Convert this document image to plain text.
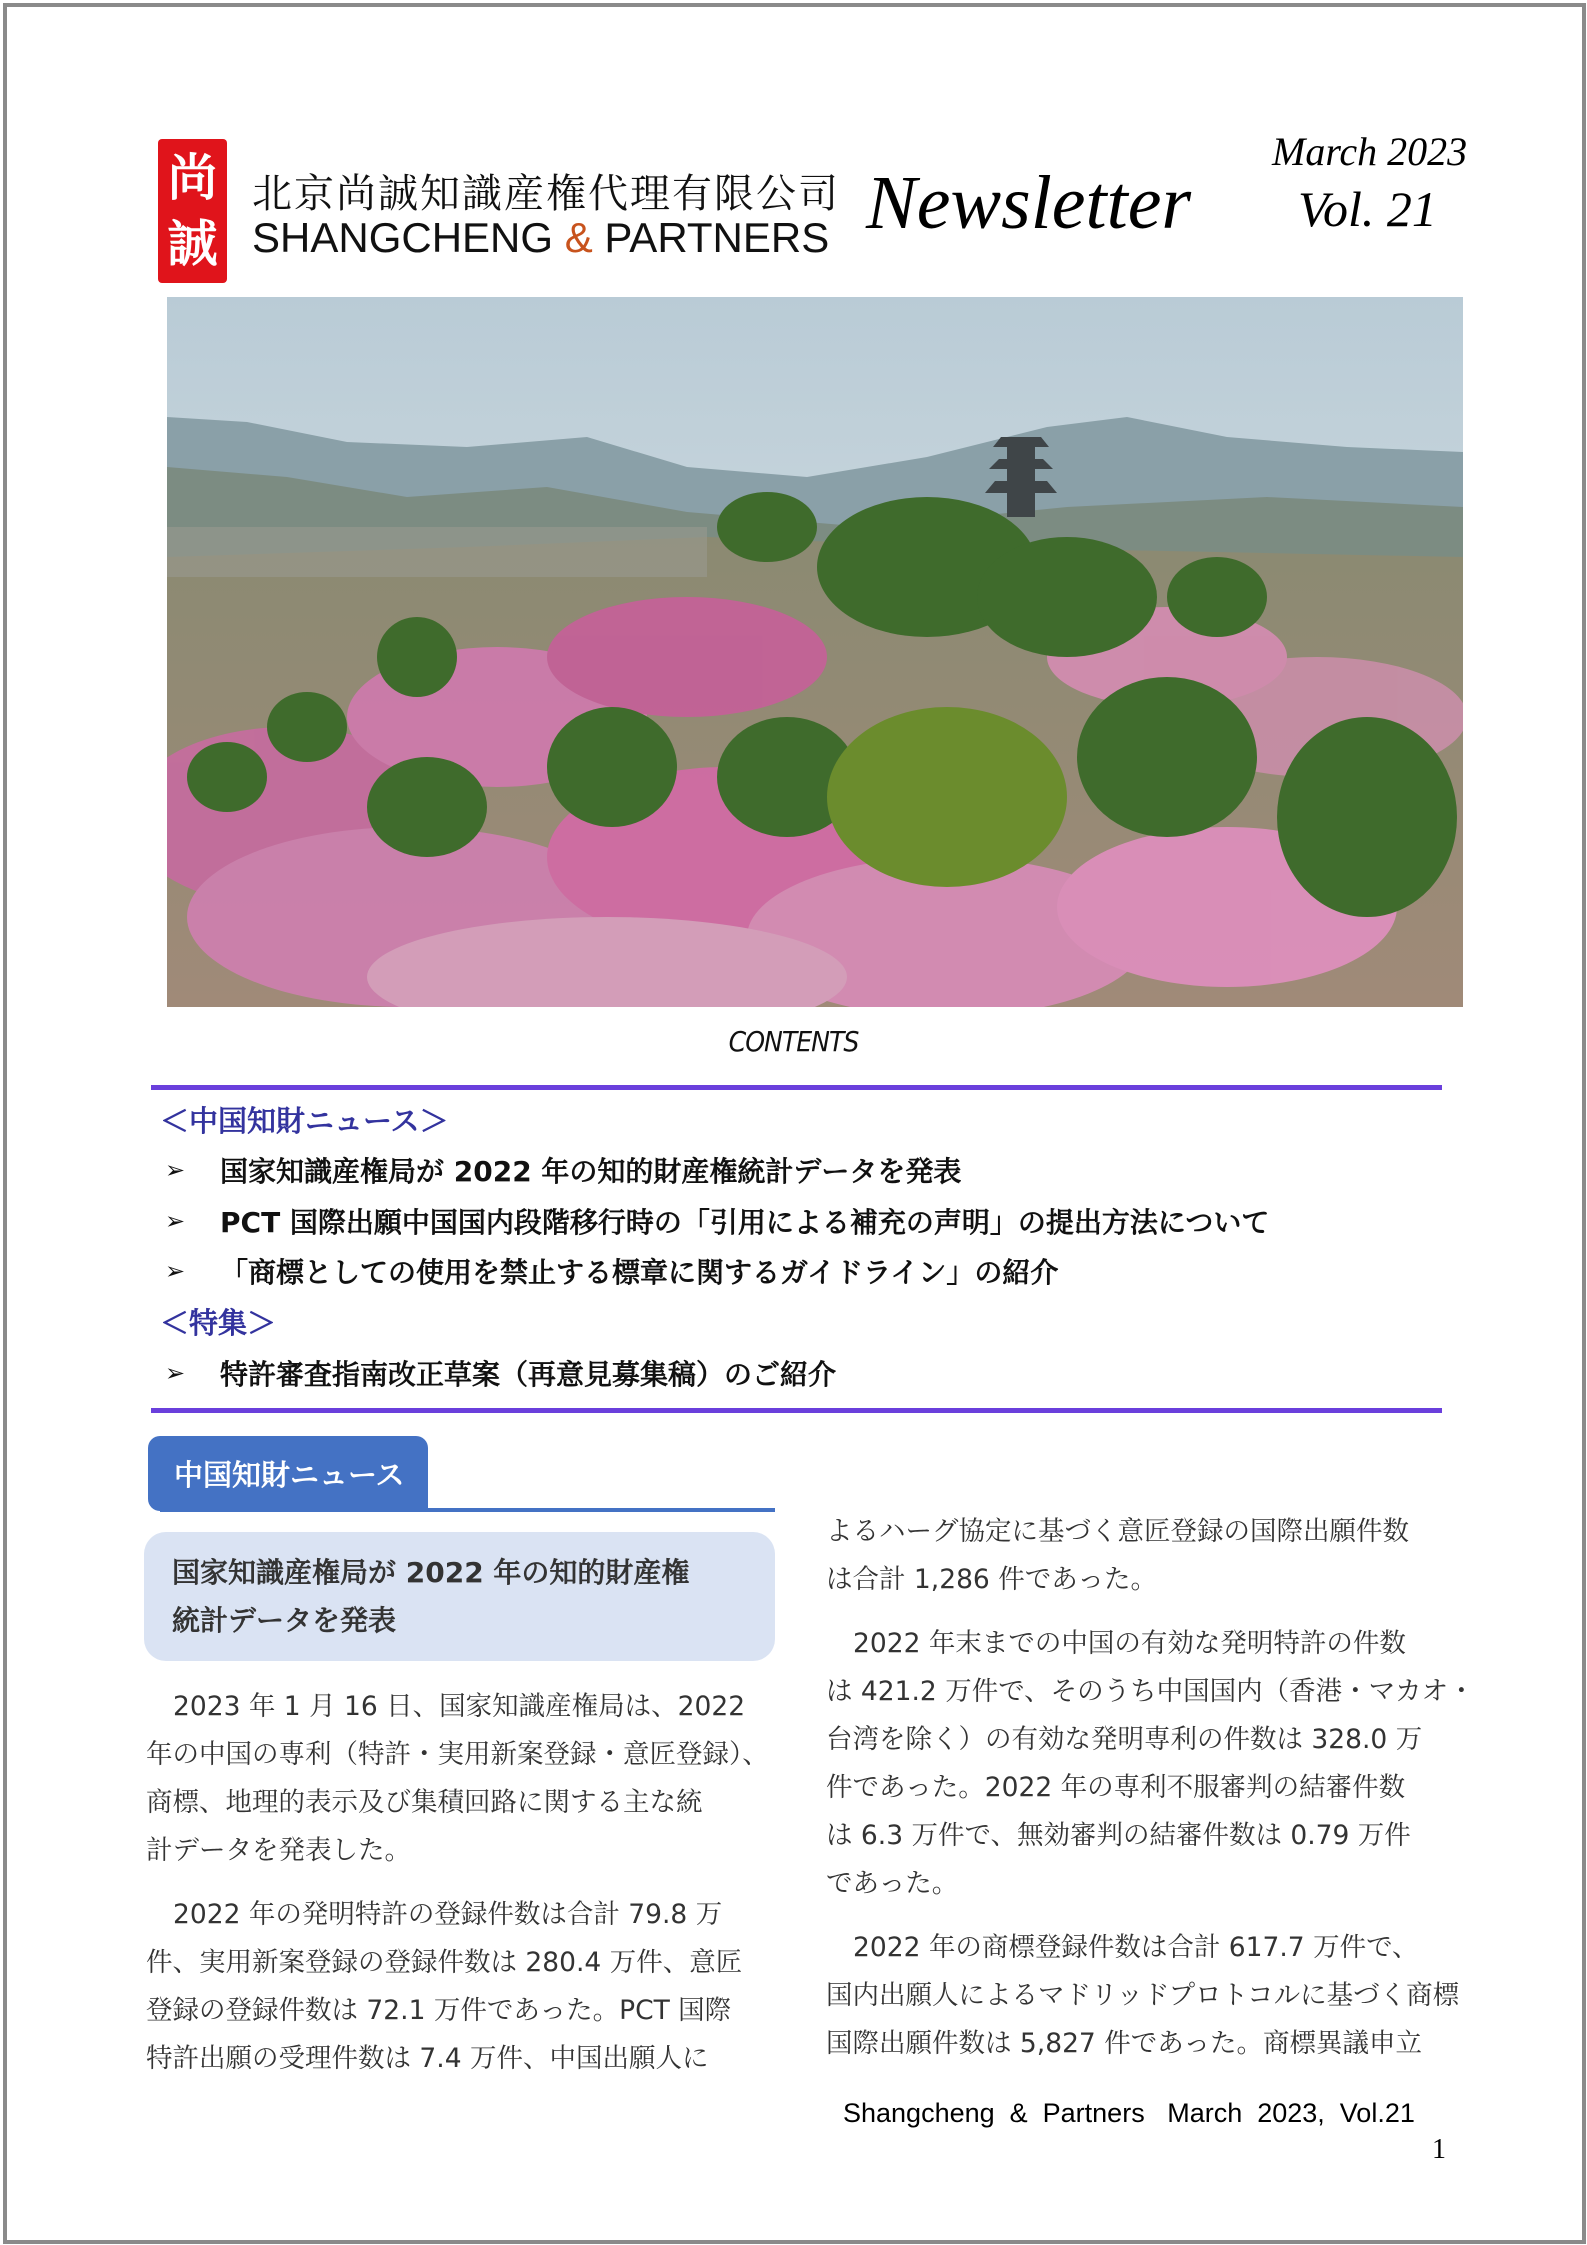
尚
誠
北京尚誠知識産権代理有限公司
SHANGCHENG & PARTNERS Newsletter
March 2023
Vol. 21
CONTENTS
＜中国知財ニュース＞
➢	国家知識産権局が 2022 年の知的財産権統計データを発表
➢	PCT 国際出願中国国内段階移行時の「引用による補充の声明」の提出方法について
➢	「商標としての使用を禁止する標章に関するガイドライン」の紹介
＜特集＞
➢	特許審査指南改正草案（再意見募集稿）のご紹介
中国知財ニュース
国家知識産権局が 2022 年の知的財産権
統計データを発表

2023 年 1 月 16 日、国家知識産権局は、2022
年の中国の専利（特許・実用新案登録・意匠登録）、
商標、地理的表示及び集積回路に関する主な統
計データを発表した。

2022 年の発明特許の登録件数は合計 79.8 万
件、実用新案登録の登録件数は 280.4 万件、意匠
登録の登録件数は 72.1 万件であった。PCT 国際
特許出願の受理件数は 7.4 万件、中国出願人に

よるハーグ協定に基づく意匠登録の国際出願件数
は合計 1,286 件であった。

2022 年末までの中国の有効な発明特許の件数
は 421.2 万件で、そのうち中国国内（香港・マカオ・
台湾を除く）の有効な発明専利の件数は 328.0 万
件であった。2022 年の専利不服審判の結審件数
は 6.3 万件で、無効審判の結審件数は 0.79 万件
であった。

2022 年の商標登録件数は合計 617.7 万件で、
国内出願人によるマドリッドプロトコルに基づく商標
国際出願件数は 5,827 件であった。商標異議申立

Shangcheng  &  Partners   March  2023,  Vol.21
1
